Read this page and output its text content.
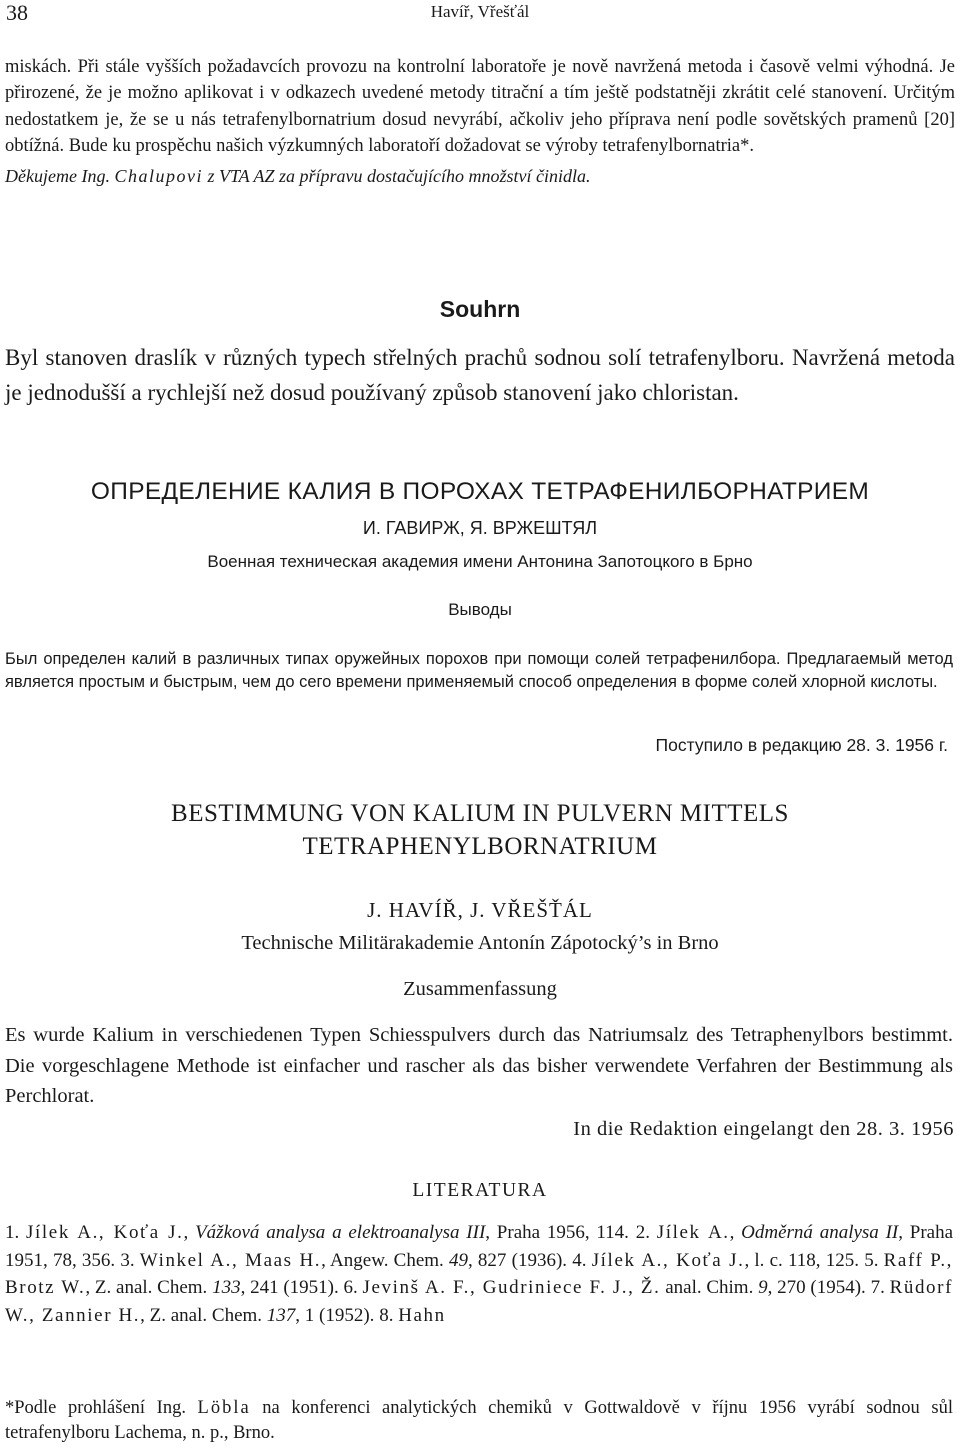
38	Havíř, Vřešťál

miskách. Při stále vyšších požadavcích provozu na kontrolní laboratoře je nově navržená metoda i časově velmi výhodná. Je přirozené, že je možno aplikovat i v odkazech uvedené metody titrační a tím ještě podstatněji zkrátit celé stanovení. Určitým nedostatkem je, že se u nás tetrafenylbornatrium dosud nevyrábí, ačkoliv jeho příprava není podle sovětských pramenů [20] obtížná. Bude ku prospěchu našich výzkumných laboratoří dožadovat se výroby tetrafenylbornatria*.

Děkujeme Ing. Chalupovi z VTA AZ za přípravu dostačujícího množství činidla.

Souhrn

Byl stanoven draslík v různých typech střelných prachů sodnou solí tetrafenylboru. Navržená metoda je jednodušší a rychlejší než dosud používaný způsob stanovení jako chloristan.

ОПРЕДЕЛЕНИЕ КАЛИЯ В ПОРОХАХ ТЕТРАФЕНИЛБОРНАТРИЕМ
И. ГАВИРЖ, Я. ВРЖЕШТЯЛ
Военная техническая академия имени Антонина Запотоцкого в Брно
Выводы

Был определен калий в различных типах оружейных порохов при помощи солей тетрафенилбора. Предлагаемый метод является простым и быстрым, чем до сего времени применяемый способ определения в форме солей хлорной кислоты.

Поступило в редакцию 28. 3. 1956 г.
BESTIMMUNG VON KALIUM IN PULVERN MITTELS
TETRAPHENYLBORNATRIUM
J. HAVÍŘ, J. VŘEŠŤÁL
Technische Militärakademie Antonín Zápotocký’s in Brno
Zusammenfassung

Es wurde Kalium in verschiedenen Typen Schiesspulvers durch das Natriumsalz des Tetraphenylbors bestimmt. Die vorgeschlagene Methode ist einfacher und rascher als das bisher verwendete Verfahren der Bestimmung als Perchlorat.

In die Redaktion eingelangt den 28. 3. 1956
LITERATURA

1. Jílek A., Koťa J., Vážková analysa a elektroanalysa III, Praha 1956, 114. 2. Jílek A., Odměrná analysa II, Praha 1951, 78, 356. 3. Winkel A., Maas H., Angew. Chem. 49, 827 (1936). 4. Jílek A., Koťa J., l. c. 118, 125. 5. Raff P., Brotz W., Z. anal. Chem. 133, 241 (1951). 6. Jevinš A. F., Gudriniece F. J., Ž. anal. Chim. 9, 270 (1954). 7. Rüdorf W., Zannier H., Z. anal. Chem. 137, 1 (1952). 8. Hahn

*Podle prohlášení Ing. Löbla na konferenci analytických chemiků v Gottwaldově v říjnu 1956 vyrábí sodnou sůl tetrafenylboru Lachema, n. p., Brno.
